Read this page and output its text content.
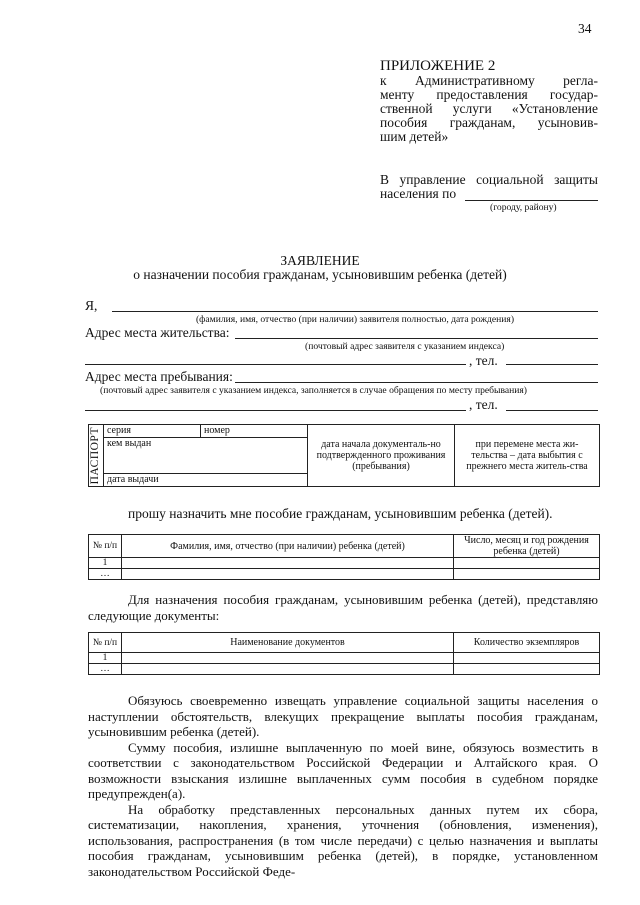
34
ПРИЛОЖЕНИЕ 2
к Административному регла-
менту предоставления государ-
ственной услуги «Установление
пособия гражданам, усыновив-
шим детей»
В управление социальной защиты
населения по
(городу, району)
ЗАЯВЛЕНИЕ
о назначении пособия гражданам, усыновившим ребенка (детей)
Я,
(фамилия, имя, отчество (при наличии) заявителя полностью, дата рождения)
Адрес места жительства:
(почтовый адрес заявителя с указанием индекса)
, тел.
Адрес места пребывания:
(почтовый адрес заявителя с указанием индекса, заполняется в случае обращения по месту пребывания)
, тел.
ПАСПОРТ	серия	номер	дата начала документаль-но подтвержденного проживания (пребывания)	при перемене места жи-тельства – дата выбытия с прежнего места житель-ства
кем выдан
дата выдачи
прошу назначить мне пособие гражданам, усыновившим ребенка (детей).
№ п/п	Фамилия, имя, отчество (при наличии) ребенка (детей)	Число, месяц и год рождения ребенка (детей)
1		
…		

Для назначения пособия гражданам, усыновившим ребенка (детей), представляю следующие документы:

№ п/п	Наименование документов	Количество экземпляров
1		
…		

Обязуюсь своевременно извещать управление социальной защиты населения о наступлении обстоятельств, влекущих прекращение выплаты пособия гражданам, усыновившим ребенка (детей).

Сумму пособия, излишне выплаченную по моей вине, обязуюсь возместить в соответствии с законодательством Российской Федерации и Алтайского края. О возможности взыскания излишне выплаченных сумм пособия в судебном порядке предупрежден(а).

На обработку представленных персональных данных путем их сбора, систематизации, накопления, хранения, уточнения (обновления, изменения), использования, распространения (в том числе передачи) с целью назначения и выплаты пособия гражданам, усыновившим ребенка (детей), в порядке, установленном законодательством Российской Феде-
